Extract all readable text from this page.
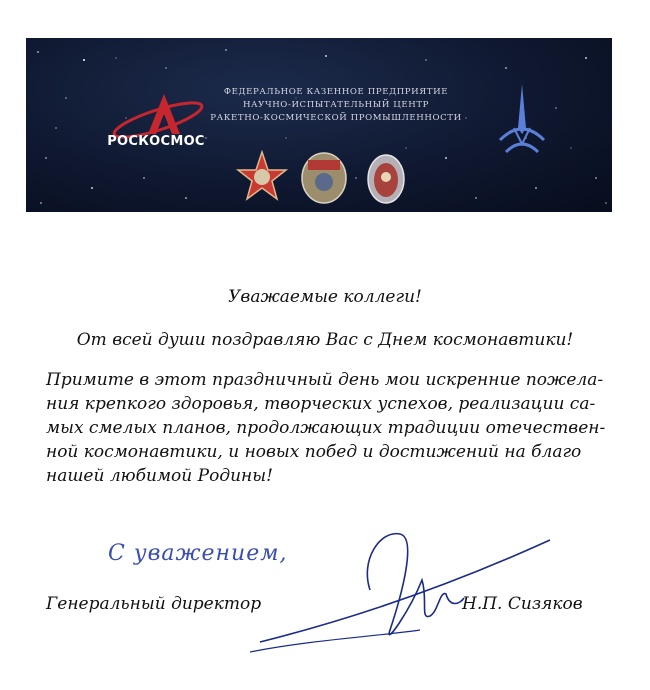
РОСКОСМОС
ФЕДЕРАЛЬНОЕ КАЗЕННОЕ ПРЕДПРИЯТИЕ
НАУЧНО-ИСПЫТАТЕЛЬНЫЙ ЦЕНТР
РАКЕТНО-КОСМИЧЕСКОЙ ПРОМЫШЛЕННОСТИ
Уважаемые коллеги!
От всей души поздравляю Вас с Днем космонавтики!
Примите в этот праздничный день мои искренние пожела-
ния крепкого здоровья, творческих успехов, реализации са-
мых смелых планов, продолжающих традиции отечествен-
ной космонавтики, и новых побед и достижений на благо
нашей любимой Родины!
С уважением,
Генеральный директор	Н.П. Сизяков
